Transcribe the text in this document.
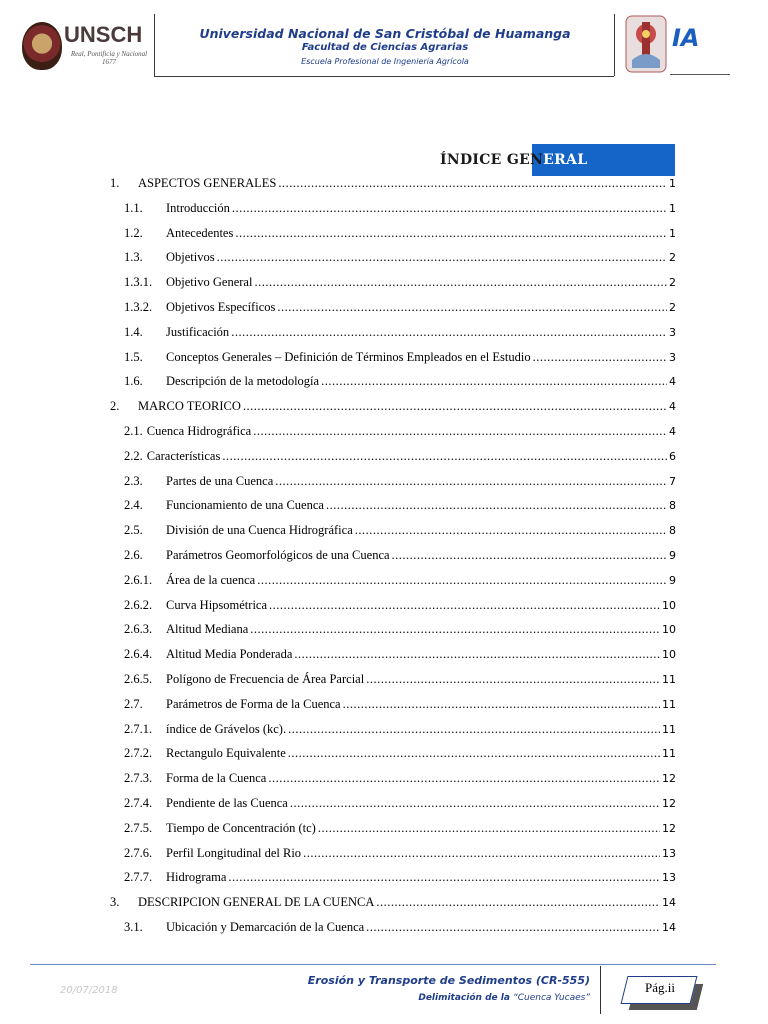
UNSCH
Real, Pontificia y Nacional
1677
Universidad Nacional de San Cristóbal de Huamanga
Facultad de Ciencias Agrarias
Escuela Profesional de Ingeniería Agrícola
IA
ÍNDICE GENERAL
1.	ASPECTOS GENERALES .....	1
1.1.	Introducción .....	1
1.2.	Antecedentes .....	1
1.3.	Objetivos .....	2
1.3.1.	Objetivo General .....	2
1.3.2.	Objetivos Específicos .....	2
1.4.	Justificación .....	3
1.5.	Conceptos Generales – Definición de Términos Empleados en el Estudio .....	3
1.6.	Descripción de la metodología .....	4
2.	MARCO TEORICO .....	4
2.1. Cuenca Hidrográfica .....	4
2.2. Características .....	6
2.3.	Partes de una Cuenca .....	7
2.4.	Funcionamiento de una Cuenca .....	8
2.5.	División de una Cuenca Hidrográfica .....	8
2.6.	Parámetros Geomorfológicos de una Cuenca .....	9
2.6.1.	Área de la cuenca .....	9
2.6.2.	Curva Hipsométrica .....	10
2.6.3.	Altitud Mediana .....	10
2.6.4.	Altitud Media Ponderada .....	10
2.6.5.	Polígono de Frecuencia de Área Parcial .....	11
2.7.	Parámetros de Forma de la Cuenca .....	11
2.7.1.	índice de Grávelos (kc). .....	11
2.7.2.	Rectangulo Equivalente .....	11
2.7.3.	Forma de la Cuenca .....	12
2.7.4.	Pendiente de las Cuenca .....	12
2.7.5.	Tiempo de Concentración (tc) .....	12
2.7.6.	Perfil Longitudinal del Rio .....	13
2.7.7.	Hidrograma .....	13
3.	DESCRIPCION GENERAL DE LA CUENCA .....	14
3.1.	Ubicación y Demarcación de la Cuenca .....	14
20/07/2018
Erosión y Transporte de Sedimentos (CR-555)
Delimitación de la “Cuenca Yucaes”
Pág.ii
